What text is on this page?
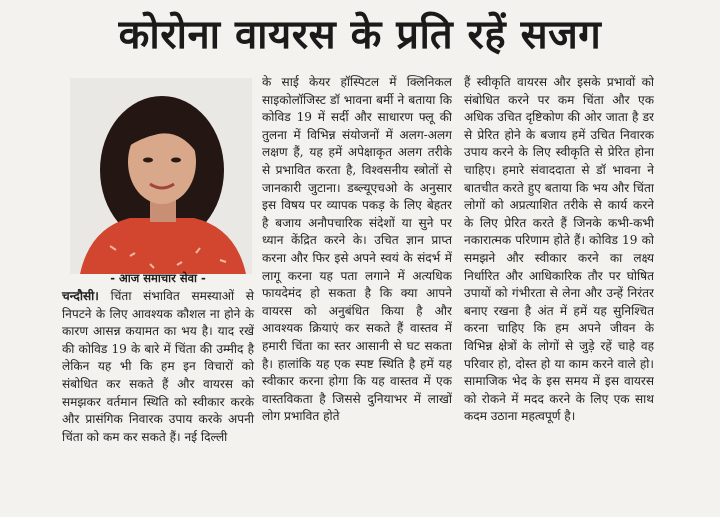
कोरोना वायरस के प्रति रहें सजग
- आज समाचार सेवा -

चन्दौसी। चिंता संभावित समस्याओं से निपटने के लिए आवश्यक कौशल ना होने के कारण आसन्न कयामत का भय है। याद रखें की कोविड 19 के बारे में चिंता की उम्मीद है लेकिन यह भी कि हम इन विचारों को संबोधित कर सकते हैं और वायरस को समझकर वर्तमान स्थिति को स्वीकार करके और प्रासंगिक निवारक उपाय करके अपनी चिंता को कम कर सकते हैं। नई दिल्ली

के साई केयर हॉस्पिटल में क्लिनिकल साइकोलॉजिस्ट डॉ भावना बर्मी ने बताया कि कोविड 19 में सर्दी और साधारण फ्लू की तुलना में विभिन्न संयोजनों में अलग-अलग लक्षण हैं, यह हमें अपेक्षाकृत अलग तरीके से प्रभावित करता है, विश्वसनीय स्त्रोतों से जानकारी जुटाना। डब्ल्यूएचओ के अनुसार इस विषय पर व्यापक पकड़ के लिए बेहतर है बजाय अनौपचारिक संदेशों या सुने पर ध्यान केंद्रित करने के। उचित ज्ञान प्राप्त करना और फिर इसे अपने स्वयं के संदर्भ में लागू करना यह पता लगाने में अत्यधिक फायदेमंद हो सकता है कि क्या आपने वायरस को अनुबंधित किया है और आवश्यक क्रियाएं कर सकते हैं वास्तव में हमारी चिंता का स्तर आसानी से घट सकता है। हालांकि यह एक स्पष्ट स्थिति है हमें यह स्वीकार करना होगा कि यह वास्तव में एक वास्तविकता है जिससे दुनियाभर में लाखों लोग प्रभावित होते

हैं स्वीकृति वायरस और इसके प्रभावों को संबोधित करने पर कम चिंता और एक अधिक उचित दृष्टिकोण की ओर जाता है डर से प्रेरित होने के बजाय हमें उचित निवारक उपाय करने के लिए स्वीकृति से प्रेरित होना चाहिए। हमारे संवाददाता से डॉ भावना ने बातचीत करते हुए बताया कि भय और चिंता लोगों को अप्रत्याशित तरीके से कार्य करने के लिए प्रेरित करते हैं जिनके कभी-कभी नकारात्मक परिणाम होते हैं। कोविड 19 को समझने और स्वीकार करने का लक्ष्य निर्धारित और आधिकारिक तौर पर घोषित उपायों को गंभीरता से लेना और उन्हें निरंतर बनाए रखना है अंत में हमें यह सुनिश्चित करना चाहिए कि हम अपने जीवन के विभिन्न क्षेत्रों के लोगों से जुड़े रहें चाहे वह परिवार हो, दोस्त हो या काम करने वाले हो। सामाजिक भेद के इस समय में इस वायरस को रोकने में मदद करने के लिए एक साथ कदम उठाना महत्वपूर्ण है।
